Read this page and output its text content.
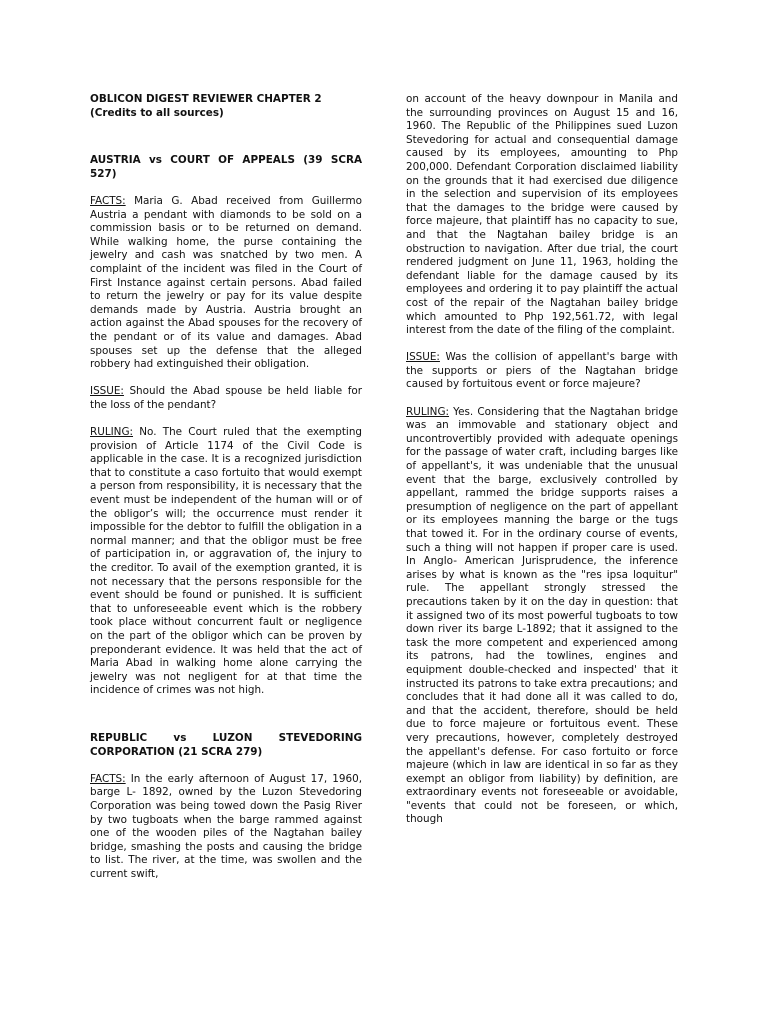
OBLICON DIGEST REVIEWER CHAPTER 2
(Credits to all sources)

AUSTRIA vs COURT OF APPEALS (39 SCRA 527)

FACTS: Maria G. Abad received from Guillermo Austria a pendant with diamonds to be sold on a commission basis or to be returned on demand. While walking home, the purse containing the jewelry and cash was snatched by two men. A complaint of the incident was filed in the Court of First Instance against certain persons. Abad failed to return the jewelry or pay for its value despite demands made by Austria. Austria brought an action against the Abad spouses for the recovery of the pendant or of its value and damages. Abad spouses set up the defense that the alleged robbery had extinguished their obligation.

ISSUE: Should the Abad spouse be held liable for the loss of the pendant?

RULING: No. The Court ruled that the exempting provision of Article 1174 of the Civil Code is applicable in the case. It is a recognized jurisdiction that to constitute a caso fortuito that would exempt a person from responsibility, it is necessary that the event must be independent of the human will or of the obligor’s will; the occurrence must render it impossible for the debtor to fulfill the obligation in a normal manner; and that the obligor must be free of participation in, or aggravation of, the injury to the creditor. To avail of the exemption granted, it is not necessary that the persons responsible for the event should be found or punished. It is sufficient that to unforeseeable event which is the robbery took place without concurrent fault or negligence on the part of the obligor which can be proven by preponderant evidence. It was held that the act of Maria Abad in walking home alone carrying the jewelry was not negligent for at that time the incidence of crimes was not high.

REPUBLIC vs LUZON STEVEDORING CORPORATION (21 SCRA 279)

FACTS: In the early afternoon of August 17, 1960, barge L- 1892, owned by the Luzon Stevedoring Corporation was being towed down the Pasig River by two tugboats when the barge rammed against one of the wooden piles of the Nagtahan bailey bridge, smashing the posts and causing the bridge to list. The river, at the time, was swollen and the current swift,

on account of the heavy downpour in Manila and the surrounding provinces on August 15 and 16, 1960. The Republic of the Philippines sued Luzon Stevedoring for actual and consequential damage caused by its employees, amounting to Php 200,000. Defendant Corporation disclaimed liability on the grounds that it had exercised due diligence in the selection and supervision of its employees that the damages to the bridge were caused by force majeure, that plaintiff has no capacity to sue, and that the Nagtahan bailey bridge is an obstruction to navigation. After due trial, the court rendered judgment on June 11, 1963, holding the defendant liable for the damage caused by its employees and ordering it to pay plaintiff the actual cost of the repair of the Nagtahan bailey bridge which amounted to Php 192,561.72, with legal interest from the date of the filing of the complaint.

ISSUE: Was the collision of appellant's barge with the supports or piers of the Nagtahan bridge caused by fortuitous event or force majeure?

RULING: Yes. Considering that the Nagtahan bridge was an immovable and stationary object and uncontrovertibly provided with adequate openings for the passage of water craft, including barges like of appellant's, it was undeniable that the unusual event that the barge, exclusively controlled by appellant, rammed the bridge supports raises a presumption of negligence on the part of appellant or its employees manning the barge or the tugs that towed it. For in the ordinary course of events, such a thing will not happen if proper care is used. In Anglo- American Jurisprudence, the inference arises by what is known as the "res ipsa loquitur" rule. The appellant strongly stressed the precautions taken by it on the day in question: that it assigned two of its most powerful tugboats to tow down river its barge L-1892; that it assigned to the task the more competent and experienced among its patrons, had the towlines, engines and equipment double-checked and inspected' that it instructed its patrons to take extra precautions; and concludes that it had done all it was called to do, and that the accident, therefore, should be held due to force majeure or fortuitous event. These very precautions, however, completely destroyed the appellant's defense. For caso fortuito or force majeure (which in law are identical in so far as they exempt an obligor from liability) by definition, are extraordinary events not foreseeable or avoidable, "events that could not be foreseen, or which, though
